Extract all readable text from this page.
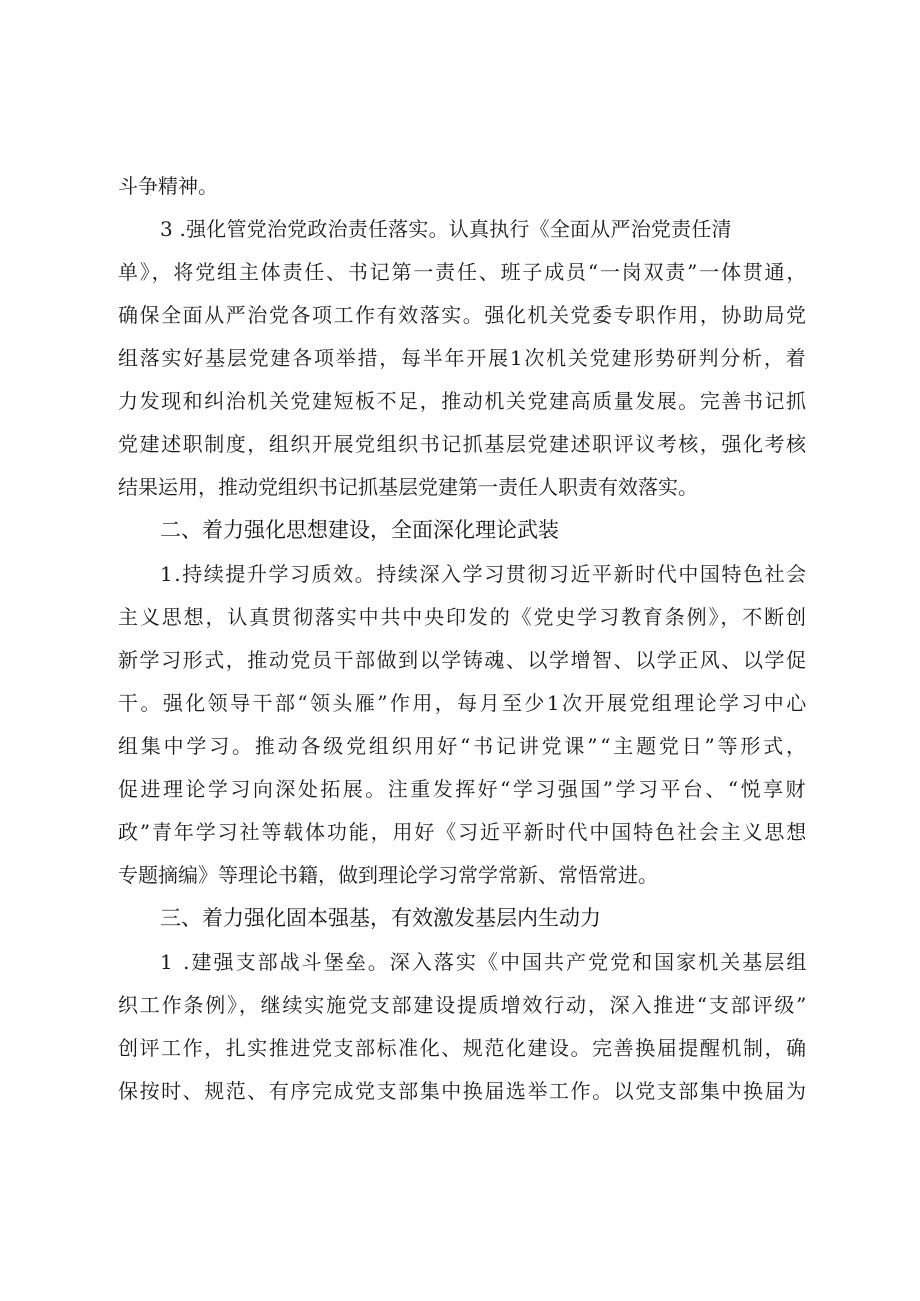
斗争精神。
3 .强化管党治党政治责任落实。认真执行《全面从严治党责任清
单》，将党组主体责任、书记第一责任、班子成员“一岗双责”一体贯通，
确保全面从严治党各项工作有效落实。强化机关党委专职作用，协助局党
组落实好基层党建各项举措，每半年开展1次机关党建形势研判分析，着
力发现和纠治机关党建短板不足，推动机关党建高质量发展。完善书记抓
党建述职制度，组织开展党组织书记抓基层党建述职评议考核，强化考核
结果运用，推动党组织书记抓基层党建第一责任人职责有效落实。
二、着力强化思想建设，全面深化理论武装
1.持续提升学习质效。持续深入学习贯彻习近平新时代中国特色社会
主义思想，认真贯彻落实中共中央印发的《党史学习教育条例》，不断创
新学习形式，推动党员干部做到以学铸魂、以学增智、以学正风、以学促
干。强化领导干部“领头雁”作用，每月至少1次开展党组理论学习中心
组集中学习。推动各级党组织用好“书记讲党课”“主题党日”等形式，
促进理论学习向深处拓展。注重发挥好“学习强国”学习平台、“悦享财
政”青年学习社等载体功能，用好《习近平新时代中国特色社会主义思想
专题摘编》等理论书籍，做到理论学习常学常新、常悟常进。
三、着力强化固本强基，有效激发基层内生动力
1 .建强支部战斗堡垒。深入落实《中国共产党党和国家机关基层组
织工作条例》，继续实施党支部建设提质增效行动，深入推进“支部评级”
创评工作，扎实推进党支部标准化、规范化建设。完善换届提醒机制，确
保按时、规范、有序完成党支部集中换届选举工作。以党支部集中换届为
